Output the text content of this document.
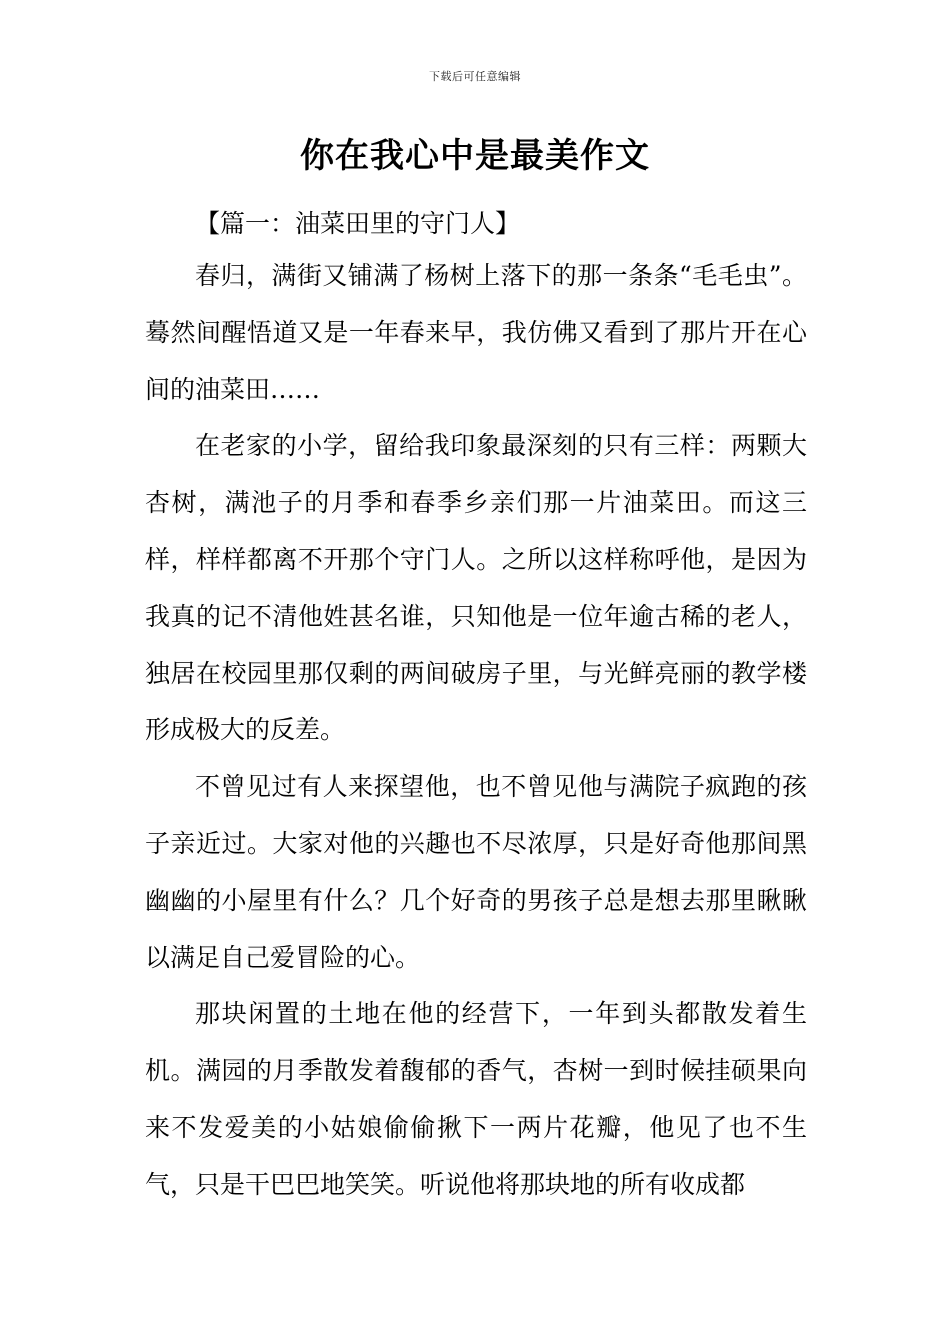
下载后可任意编辑
你在我心中是最美作文

【篇一：油菜田里的守门人】

春归，满街又铺满了杨树上落下的那一条条“毛毛虫”。蓦然间醒悟道又是一年春来早，我仿佛又看到了那片开在心间的油菜田……

在老家的小学，留给我印象最深刻的只有三样：两颗大杏树，满池子的月季和春季乡亲们那一片油菜田。而这三样，样样都离不开那个守门人。之所以这样称呼他，是因为我真的记不清他姓甚名谁，只知他是一位年逾古稀的老人，独居在校园里那仅剩的两间破房子里，与光鲜亮丽的教学楼形成极大的反差。

不曾见过有人来探望他，也不曾见他与满院子疯跑的孩子亲近过。大家对他的兴趣也不尽浓厚，只是好奇他那间黑幽幽的小屋里有什么？几个好奇的男孩子总是想去那里瞅瞅以满足自己爱冒险的心。

那块闲置的土地在他的经营下，一年到头都散发着生机。满园的月季散发着馥郁的香气，杏树一到时候挂硕果向来不发爱美的小姑娘偷偷揪下一两片花瓣，他见了也不生气，只是干巴巴地笑笑。听说他将那块地的所有收成都
